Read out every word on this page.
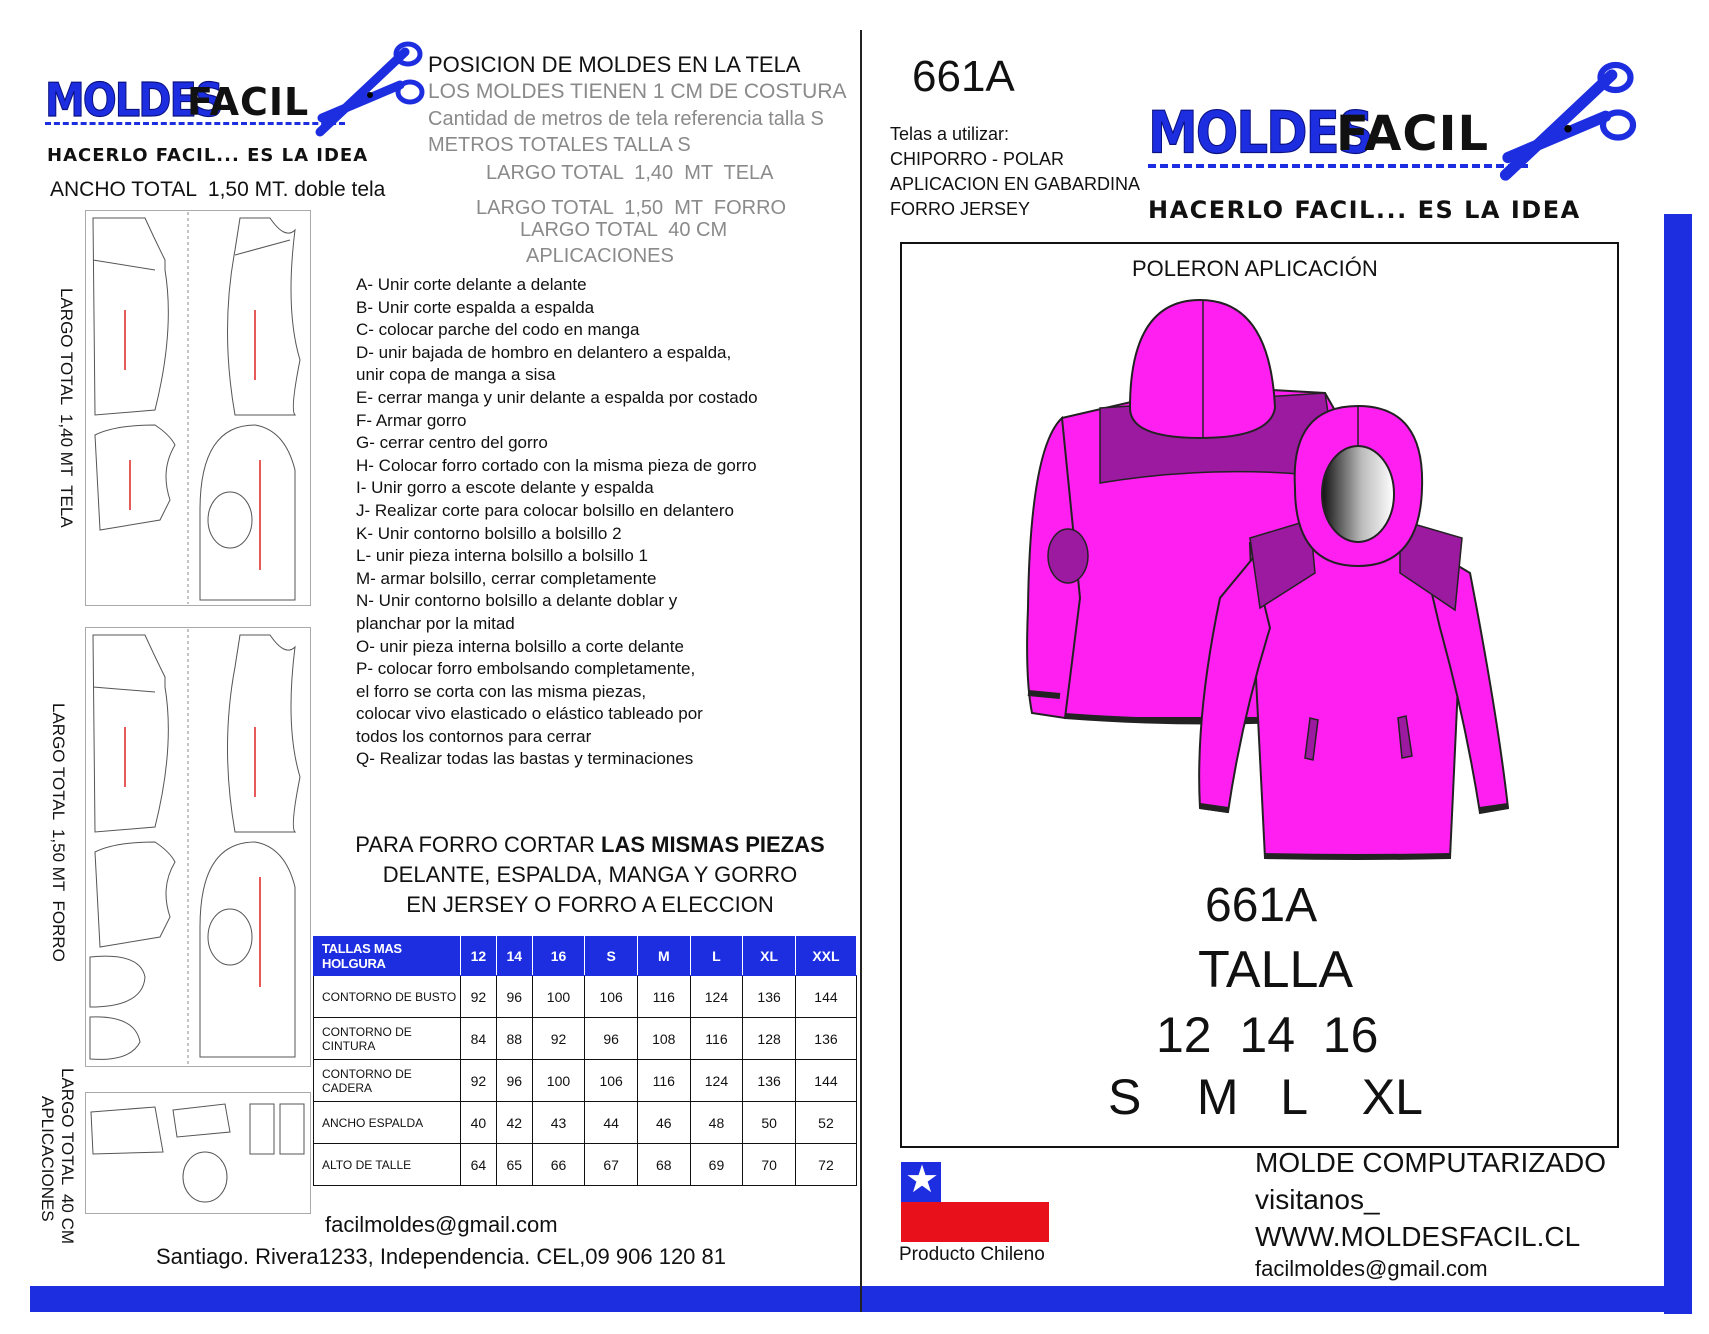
MOLDES
FACIL
HACERLO FACIL... ES LA IDEA
POSICION DE MOLDES EN LA TELA
LOS MOLDES TIENEN 1 CM DE COSTURA
Cantidad de metros de tela referencia talla S
METROS TOTALES TALLA S
LARGO TOTAL  1,40  MT  TELA
LARGO TOTAL  1,50  MT  FORRO
LARGO TOTAL  40 CM
APLICACIONES
ANCHO TOTAL  1,50 MT. doble tela
LARGO TOTAL  1,40 MT  TELA
LARGO TOTAL  1,50 MT  FORRO
LARGO TOTAL  40 CM
APLICACIONES
A- Unir corte delante a delante
B- Unir corte espalda a espalda
C- colocar parche del codo en manga
D- unir bajada de hombro en delantero a espalda,
unir copa de manga a sisa
E- cerrar manga y unir delante a espalda por costado
F- Armar gorro
G- cerrar centro del gorro
H- Colocar forro cortado con la misma pieza de gorro
I- Unir gorro a escote delante y espalda
J- Realizar corte para colocar bolsillo en delantero
K- Unir contorno bolsillo a bolsillo 2
L- unir pieza interna bolsillo a bolsillo 1
M- armar bolsillo, cerrar completamente
N- Unir contorno bolsillo a delante doblar y
planchar por la mitad
O- unir pieza interna bolsillo a corte delante
P- colocar forro embolsando completamente,
el forro se corta con las misma piezas,
colocar vivo elasticado o elástico tableado por
todos los contornos para cerrar
Q- Realizar todas las bastas y terminaciones
PARA FORRO CORTAR LAS MISMAS PIEZAS
DELANTE, ESPALDA, MANGA Y GORRO
EN JERSEY O FORRO A ELECCION
TALLAS MAS HOLGURA	12	14	16	S	M	L	XL	XXL
CONTORNO DE BUSTO	92	96	100	106	116	124	136	144
CONTORNO DE CINTURA	84	88	92	96	108	116	128	136
CONTORNO DE CADERA	92	96	100	106	116	124	136	144
ANCHO ESPALDA	40	42	43	44	46	48	50	52
ALTO DE TALLE	64	65	66	67	68	69	70	72
facilmoldes@gmail.com
Santiago. Rivera1233, Independencia. CEL,09 906 120 81
661A
Telas a utilizar:
CHIPORRO - POLAR
APLICACION EN GABARDINA
FORRO JERSEY
MOLDES
FACIL
HACERLO FACIL... ES LA IDEA
POLERON APLICACIÓN
661A
TALLA
12  14  16
S    M   L    XL
★
Producto Chileno
MOLDE COMPUTARIZADO
visitanos_
WWW.MOLDESFACIL.CL
facilmoldes@gmail.com
